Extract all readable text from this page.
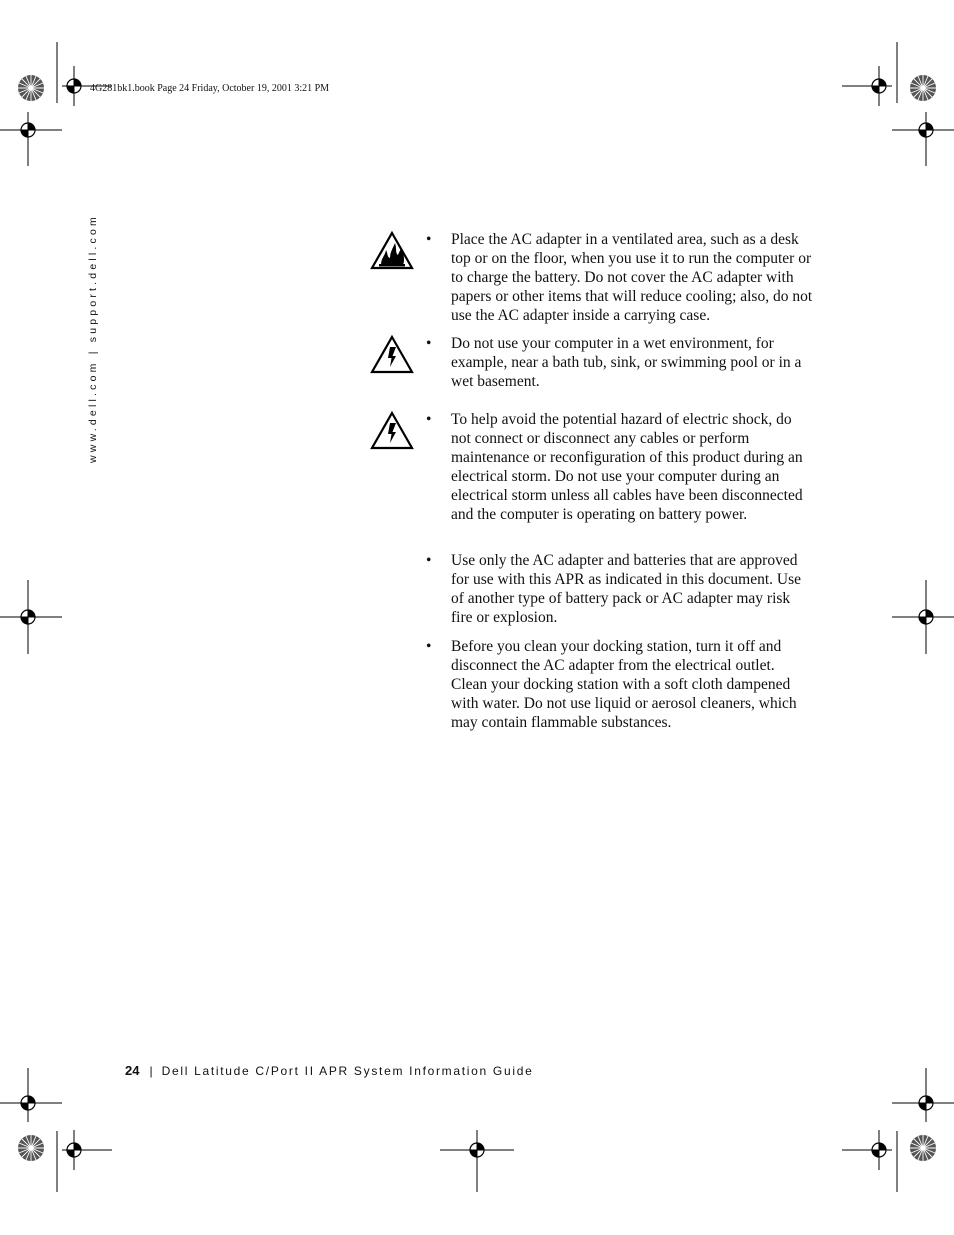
4G281bk1.book Page 24 Friday, October 19, 2001 3:21 PM
www.dell.com | support.dell.com	• Place the AC adapter in a ventilated area, such as a desk top or on the floor, when you use it to run the computer or to charge the battery. Do not cover the AC adapter with papers or other items that will reduce cooling; also, do not use the AC adapter inside a carrying case.
• Do not use your computer in a wet environment, for example, near a bath tub, sink, or swimming pool or in a wet basement.
• To help avoid the potential hazard of electric shock, do not connect or disconnect any cables or perform maintenance or reconfiguration of this product during an electrical storm. Do not use your computer during an electrical storm unless all cables have been disconnected and the computer is operating on battery power.
• Use only the AC adapter and batteries that are approved for use with this APR as indicated in this document. Use of another type of battery pack or AC adapter may risk fire or explosion.
• Before you clean your docking station, turn it off and disconnect the AC adapter from the electrical outlet. Clean your docking station with a soft cloth dampened with water. Do not use liquid or aerosol cleaners, which may contain flammable substances.
24 | Dell Latitude C/Port II APR System Information Guide
